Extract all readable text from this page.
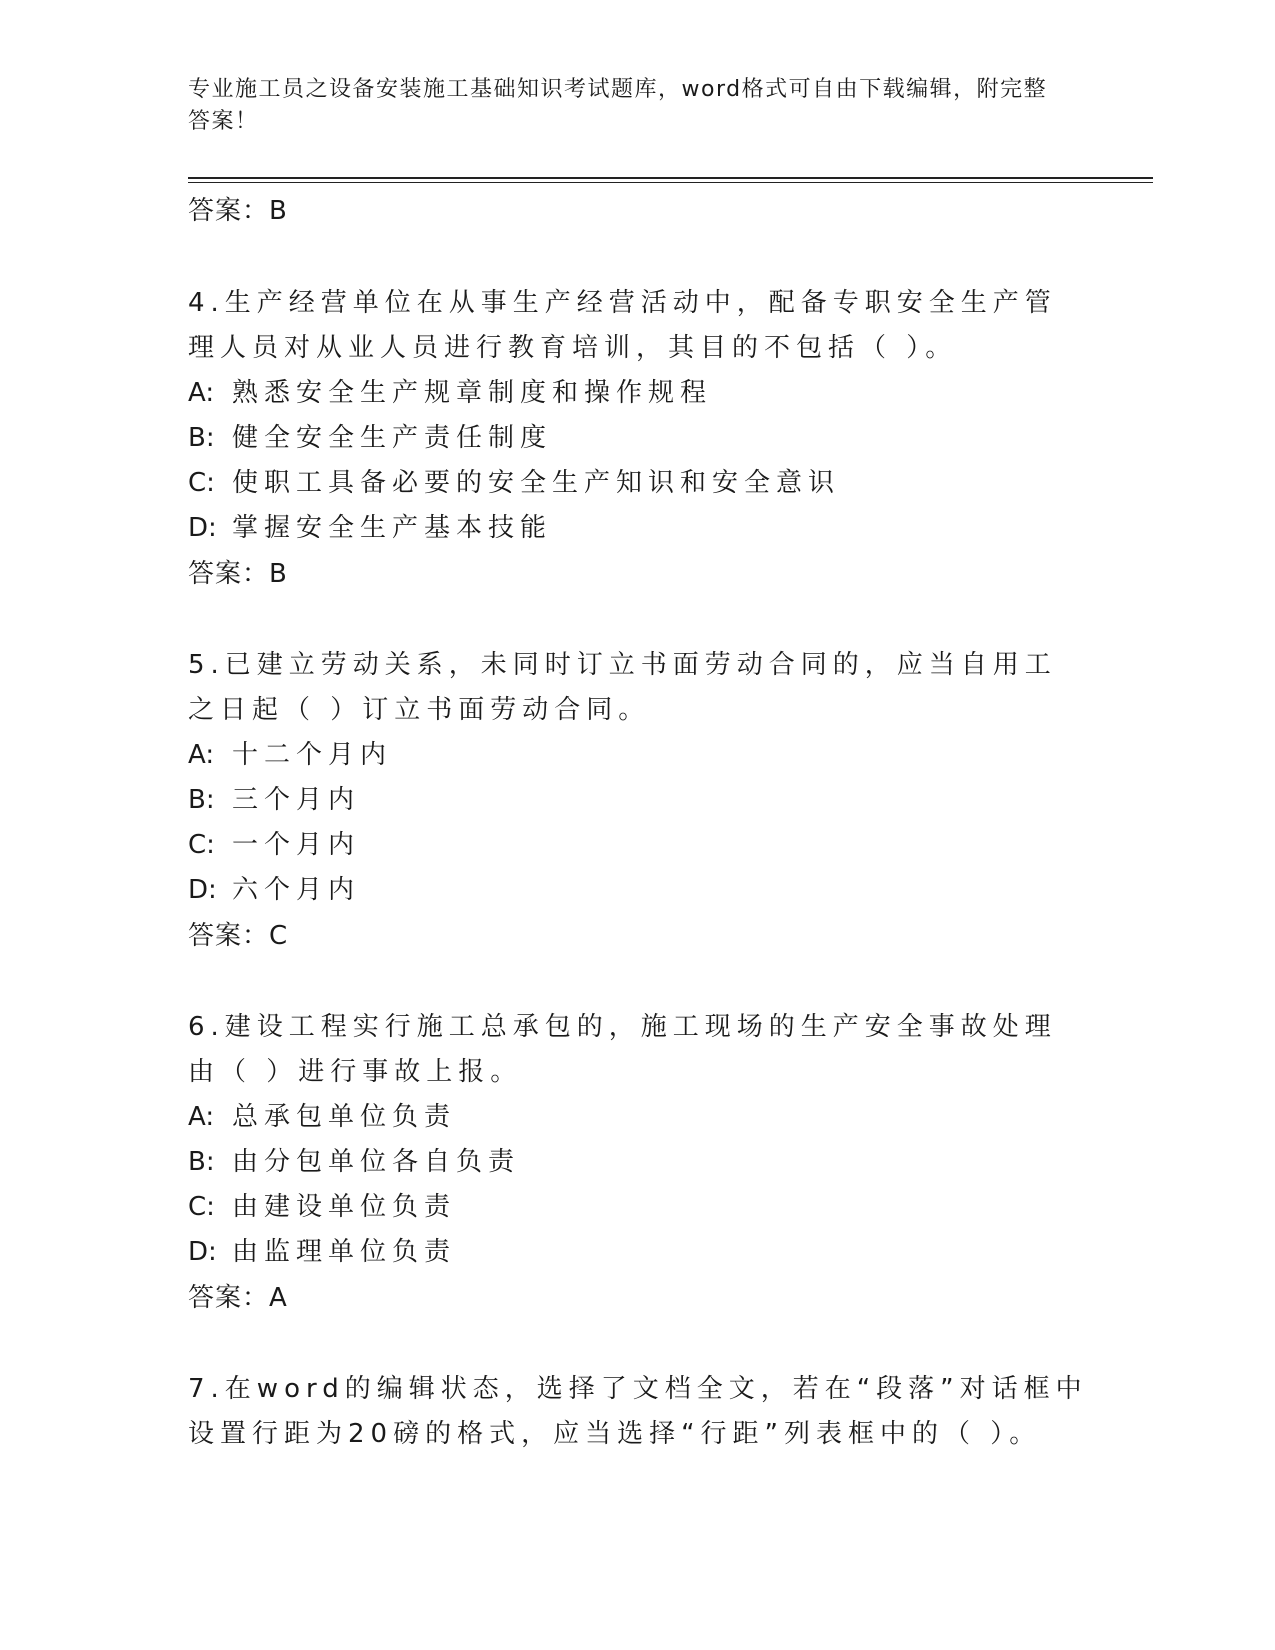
专业施工员之设备安装施工基础知识考试题库，word格式可自由下载编辑，附完整答案！
答案：B

4.生产经营单位在从事生产经营活动中，配备专职安全生产管理人员对从业人员进行教育培训，其目的不包括（ ）。

A: 熟悉安全生产规章制度和操作规程
B: 健全安全生产责任制度
C: 使职工具备必要的安全生产知识和安全意识
D: 掌握安全生产基本技能
答案：B

5.已建立劳动关系，未同时订立书面劳动合同的，应当自用工之日起（ ）订立书面劳动合同。

A: 十二个月内
B: 三个月内
C: 一个月内
D: 六个月内
答案：C

6.建设工程实行施工总承包的，施工现场的生产安全事故处理由（ ）进行事故上报。

A: 总承包单位负责
B: 由分包单位各自负责
C: 由建设单位负责
D: 由监理单位负责
答案：A

7.在word的编辑状态，选择了文档全文，若在“段落”对话框中设置行距为20磅的格式，应当选择“行距”列表框中的（ ）。
